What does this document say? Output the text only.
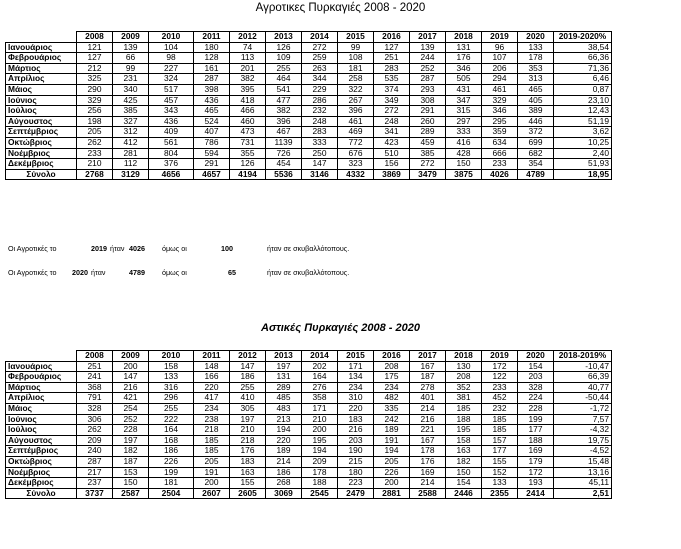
Αγροτικες Πυρκαγιές 2008 - 2020
	2008	2009	2010	2011	2012	2013	2014	2015	2016	2017	2018	2019	2020	2019-2020%
Ιανουάριος	121	139	104	180	74	126	272	99	127	139	131	96	133	38,54
Φεβρουάριος	127	66	98	128	113	109	259	108	251	244	176	107	178	66,36
Μάρτιος	212	99	227	161	201	255	263	181	283	252	346	206	353	71,36
Απρίλιος	325	231	324	287	382	464	344	258	535	287	505	294	313	6,46
Μάιος	290	340	517	398	395	541	229	322	374	293	431	461	465	0,87
Ιούνιος	329	425	457	436	418	477	286	267	349	308	347	329	405	23,10
Ιούλιος	256	385	343	465	466	382	232	396	272	291	315	346	389	12,43
Αύγουστος	198	327	436	524	460	396	248	461	248	260	297	295	446	51,19
Σεπτέμβριος	205	312	409	407	473	467	283	469	341	289	333	359	372	3,62
Οκτώβριος	262	412	561	786	731	1139	333	772	423	459	416	634	699	10,25
Νοέμβριος	233	281	804	594	355	726	250	676	510	385	428	666	682	2,40
Δεκέμβριος	210	112	376	291	126	454	147	323	156	272	150	233	354	51,93
Σύνολο	2768	3129	4656	4657	4194	5536	3146	4332	3869	3479	3875	4026	4789	18,95
Οι Αγροτικές το	2019 ήταν 4026 όμως οι	100	ήταν σε σκυβαλλότοπους.
Οι Αγροτικές το 2020 ήταν	4789 όμως οι	65	ήταν σε σκυβαλλότοπους.
Αστικές Πυρκαγιές 2008 - 2020
	2008	2009	2010	2011	2012	2013	2014	2015	2016	2017	2018	2019	2020	2018-2019%
Ιανουάριος	251	200	158	148	147	197	202	171	208	167	130	172	154	-10,47
Φεβρουάριος	241	147	133	166	186	131	164	134	175	187	208	122	203	66,39
Μάρτιος	368	216	316	220	255	289	276	234	234	278	352	233	328	40,77
Απρίλιος	791	421	296	417	410	485	358	310	482	401	381	452	224	-50,44
Μάιος	328	254	255	234	305	483	171	220	335	214	185	232	228	-1,72
Ιούνιος	306	252	222	238	197	213	210	183	242	216	188	185	199	7,57
Ιούλιος	262	228	164	218	210	194	200	216	189	221	195	185	177	-4,32
Αύγουστος	209	197	168	185	218	220	195	203	191	167	158	157	188	19,75
Σεπτέμβριος	240	182	186	185	176	189	194	190	194	178	163	177	169	-4,52
Οκτώβριος	287	187	226	205	183	214	209	215	205	176	182	155	179	15,48
Νοέμβριος	217	153	199	191	163	186	178	180	226	169	150	152	172	13,16
Δεκέμβριος	237	150	181	200	155	268	188	223	200	214	154	133	193	45,11
Σύνολο	3737	2587	2504	2607	2605	3069	2545	2479	2881	2588	2446	2355	2414	2,51
